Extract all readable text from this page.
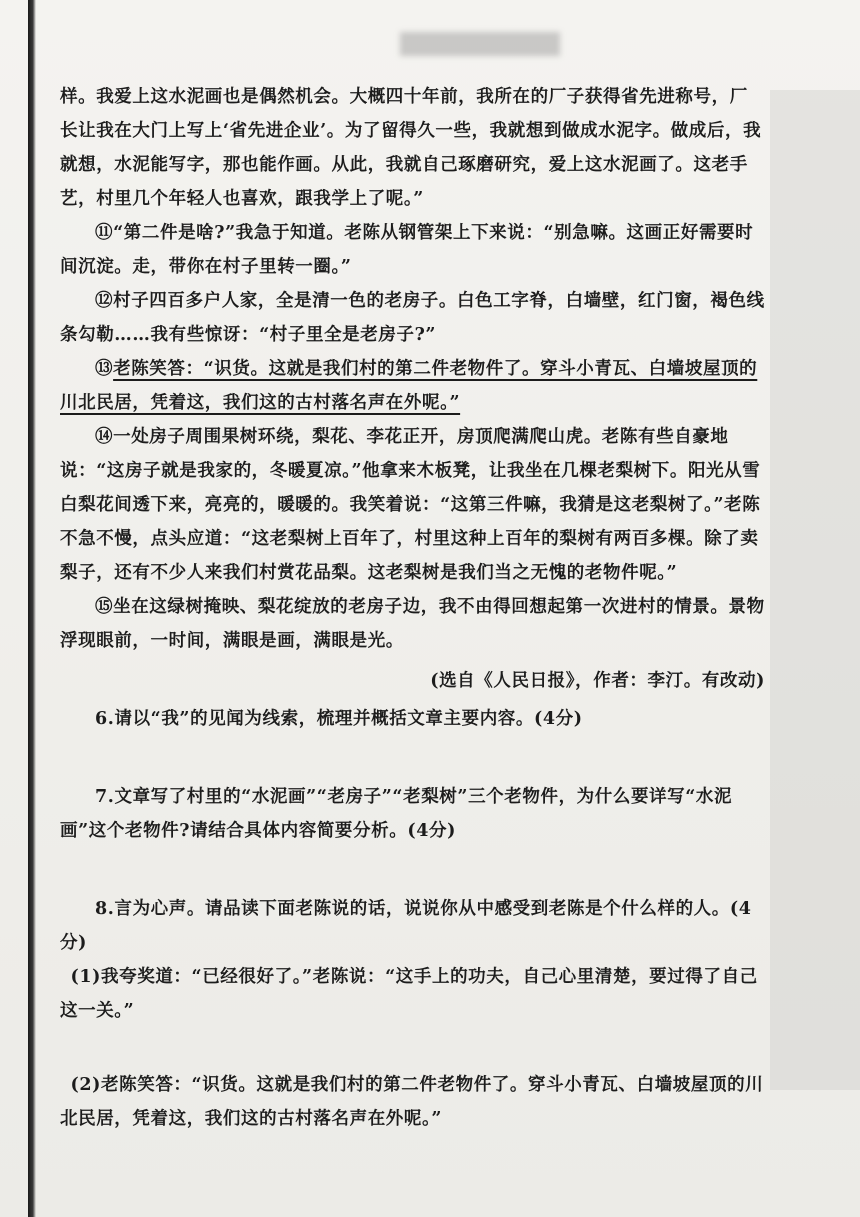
样。我爱上这水泥画也是偶然机会。大概四十年前，我所在的厂子获得省先进称号，厂长让我在大门上写上‘省先进企业’。为了留得久一些，我就想到做成水泥字。做成后，我就想，水泥能写字，那也能作画。从此，我就自己琢磨研究，爱上这水泥画了。这老手艺，村里几个年轻人也喜欢，跟我学上了呢。”

⑪“第二件是啥?”我急于知道。老陈从钢管架上下来说：“别急嘛。这画正好需要时间沉淀。走，带你在村子里转一圈。”

⑫村子四百多户人家，全是清一色的老房子。白色工字脊，白墙壁，红门窗，褐色线条勾勒……我有些惊讶：“村子里全是老房子?”

⑬老陈笑答：“识货。这就是我们村的第二件老物件了。穿斗小青瓦、白墙坡屋顶的川北民居，凭着这，我们这的古村落名声在外呢。”

⑭一处房子周围果树环绕，梨花、李花正开，房顶爬满爬山虎。老陈有些自豪地说：“这房子就是我家的，冬暖夏凉。”他拿来木板凳，让我坐在几棵老梨树下。阳光从雪白梨花间透下来，亮亮的，暖暖的。我笑着说：“这第三件嘛，我猜是这老梨树了。”老陈不急不慢，点头应道：“这老梨树上百年了，村里这种上百年的梨树有两百多棵。除了卖梨子，还有不少人来我们村赏花品梨。这老梨树是我们当之无愧的老物件呢。”

⑮坐在这绿树掩映、梨花绽放的老房子边，我不由得回想起第一次进村的情景。景物浮现眼前，一时间，满眼是画，满眼是光。

(选自《人民日报》，作者：李汀。有改动)

6.请以“我”的见闻为线索，梳理并概括文章主要内容。(4分)

7.文章写了村里的“水泥画”“老房子”“老梨树”三个老物件，为什么要详写“水泥画”这个老物件?请结合具体内容简要分析。(4分)

8.言为心声。请品读下面老陈说的话，说说你从中感受到老陈是个什么样的人。(4分)

(1)我夸奖道：“已经很好了。”老陈说：“这手上的功夫，自己心里清楚，要过得了自己这一关。”

(2)老陈笑答：“识货。这就是我们村的第二件老物件了。穿斗小青瓦、白墙坡屋顶的川北民居，凭着这，我们这的古村落名声在外呢。”
